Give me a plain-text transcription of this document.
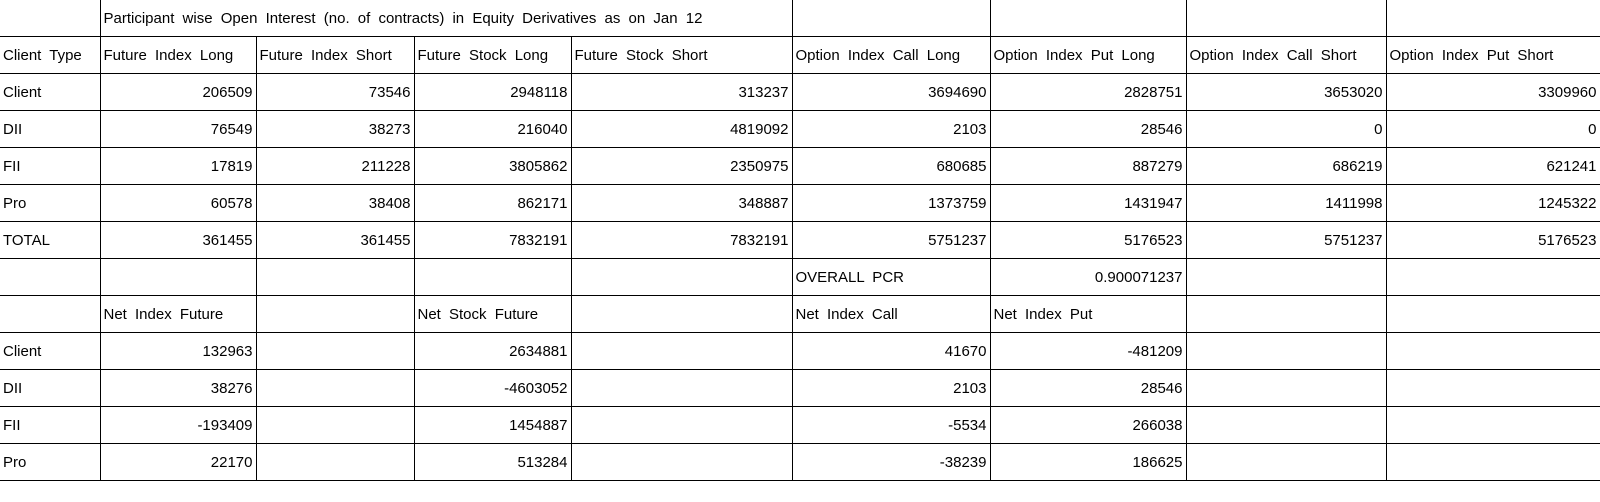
	Participant wise Open Interest (no. of contracts) in Equity Derivatives as on Jan 12							
Client Type	Future Index Long	Future Index Short	Future Stock Long	Future Stock Short	Option Index Call Long	Option Index Put Long	Option Index Call Short	Option Index Put Short
Client	206509	73546	2948118	313237	3694690	2828751	3653020	3309960
DII	76549	38273	216040	4819092	2103	28546	0	0
FII	17819	211228	3805862	2350975	680685	887279	686219	621241
Pro	60578	38408	862171	348887	1373759	1431947	1411998	1245322
TOTAL	361455	361455	7832191	7832191	5751237	5176523	5751237	5176523
					OVERALL PCR	0.900071237		
	Net Index Future		Net Stock Future		Net Index Call	Net Index Put		
Client	132963		2634881		41670	-481209		
DII	38276		-4603052		2103	28546		
FII	-193409		1454887		-5534	266038		
Pro	22170		513284		-38239	186625		
